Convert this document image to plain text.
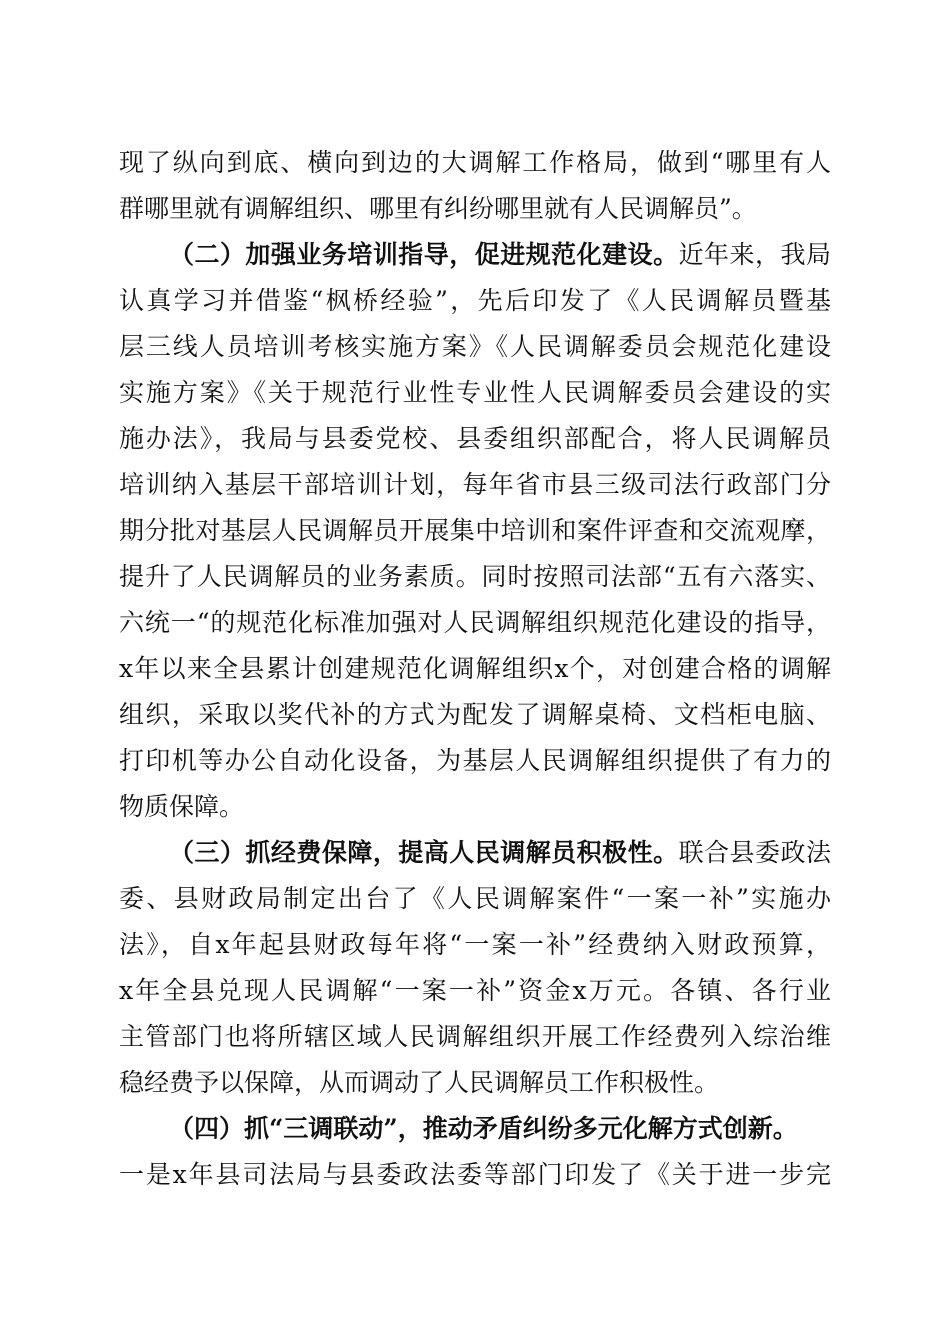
现了纵向到底、横向到边的大调解工作格局，做到“哪里有人
群哪里就有调解组织、哪里有纠纷哪里就有人民调解员”。
（二）加强业务培训指导，促进规范化建设。近年来，我局
认真学习并借鉴“枫桥经验”，先后印发了《人民调解员暨基
层三线人员培训考核实施方案》《人民调解委员会规范化建设
实施方案》《关于规范行业性专业性人民调解委员会建设的实
施办法》，我局与县委党校、县委组织部配合，将人民调解员
培训纳入基层干部培训计划，每年省市县三级司法行政部门分
期分批对基层人民调解员开展集中培训和案件评查和交流观摩，
提升了人民调解员的业务素质。同时按照司法部“五有六落实、
六统一“的规范化标准加强对人民调解组织规范化建设的指导，
x年以来全县累计创建规范化调解组织x个，对创建合格的调解
组织，采取以奖代补的方式为配发了调解桌椅、文档柜电脑、
打印机等办公自动化设备，为基层人民调解组织提供了有力的
物质保障。
（三）抓经费保障，提高人民调解员积极性。联合县委政法
委、县财政局制定出台了《人民调解案件“一案一补”实施办
法》，自x年起县财政每年将“一案一补”经费纳入财政预算，
x年全县兑现人民调解“一案一补”资金x万元。各镇、各行业
主管部门也将所辖区域人民调解组织开展工作经费列入综治维
稳经费予以保障，从而调动了人民调解员工作积极性。
（四）抓“三调联动”，推动矛盾纠纷多元化解方式创新。
一是x年县司法局与县委政法委等部门印发了《关于进一步完
